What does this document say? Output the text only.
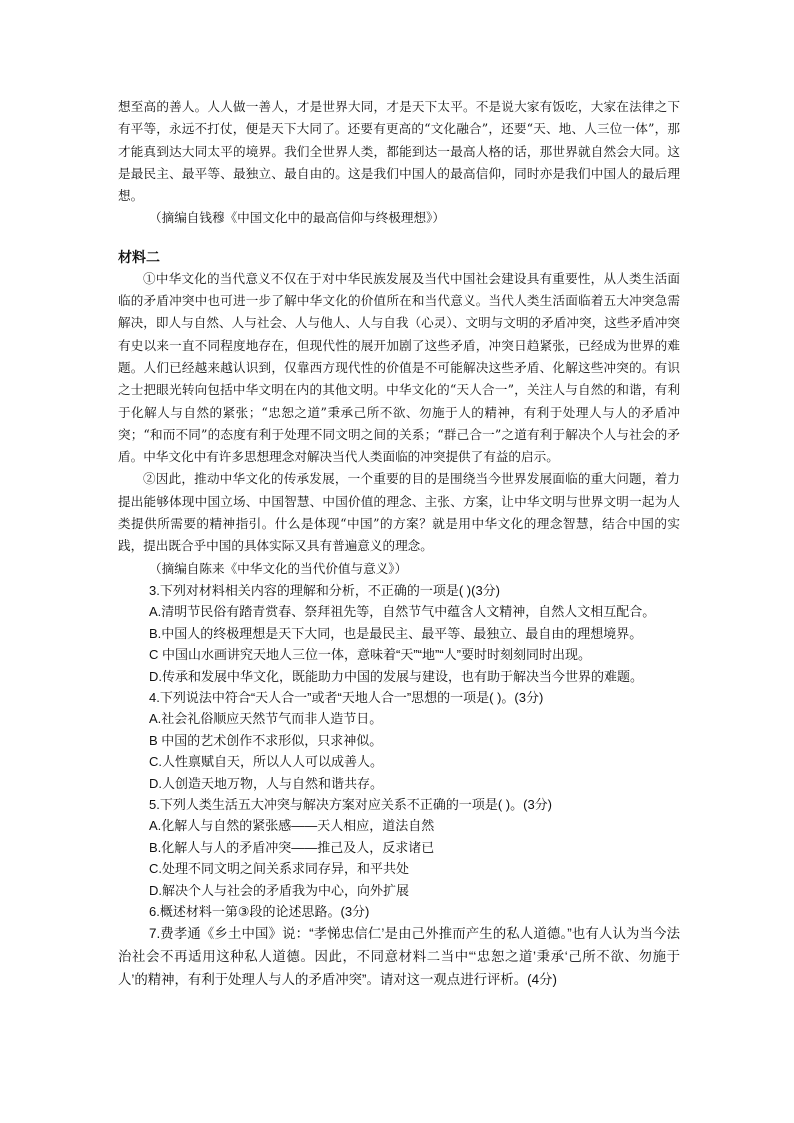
想至高的善人。人人做一善人，才是世界大同，才是天下太平。不是说大家有饭吃，大家在法律之下有平等，永远不打仗，便是天下大同了。还要有更高的“文化融合”，还要“天、地、人三位一体”，那才能真到达大同太平的境界。我们全世界人类，都能到达一最高人格的话，那世界就自然会大同。这是最民主、最平等、最独立、最自由的。这是我们中国人的最高信仰，同时亦是我们中国人的最后理想。

（摘编自钱穆《中国文化中的最高信仰与终极理想》）

材料二

①中华文化的当代意义不仅在于对中华民族发展及当代中国社会建设具有重要性，从人类生活面临的矛盾冲突中也可进一步了解中华文化的价值所在和当代意义。当代人类生活面临着五大冲突急需解决，即人与自然、人与社会、人与他人、人与自我（心灵）、文明与文明的矛盾冲突，这些矛盾冲突有史以来一直不同程度地存在，但现代性的展开加剧了这些矛盾，冲突日趋紧张，已经成为世界的难题。人们已经越来越认识到，仅靠西方现代性的价值是不可能解决这些矛盾、化解这些冲突的。有识之士把眼光转向包括中华文明在内的其他文明。中华文化的“天人合一”，关注人与自然的和谐，有利于化解人与自然的紧张；“忠恕之道”秉承己所不欲、勿施于人的精神，有利于处理人与人的矛盾冲突；“和而不同”的态度有利于处理不同文明之间的关系；“群己合一”之道有利于解决个人与社会的矛盾。中华文化中有许多思想理念对解决当代人类面临的冲突提供了有益的启示。

②因此，推动中华文化的传承发展，一个重要的目的是围绕当今世界发展面临的重大问题，着力提出能够体现中国立场、中国智慧、中国价值的理念、主张、方案，让中华文明与世界文明一起为人类提供所需要的精神指引。什么是体现“中国”的方案？就是用中华文化的理念智慧，结合中国的实践，提出既合乎中国的具体实际又具有普遍意义的理念。

（摘编自陈来《中华文化的当代价值与意义》）

3.下列对材料相关内容的理解和分析，不正确的一项是( )(3分)

A.清明节民俗有踏青赏春、祭拜祖先等，自然节气中蕴含人文精神，自然人文相互配合。

B.中国人的终极理想是天下大同，也是最民主、最平等、最独立、最自由的理想境界。

C 中国山水画讲究天地人三位一体，意味着“天”“地”“人”要时时刻刻同时出现。

D.传承和发展中华文化，既能助力中国的发展与建设，也有助于解决当今世界的难题。

4.下列说法中符合“天人合一”或者“天地人合一”思想的一项是( )。(3分)

A.社会礼俗顺应天然节气而非人造节日。

B 中国的艺术创作不求形似，只求神似。

C.人性禀赋自天，所以人人可以成善人。

D.人创造天地万物，人与自然和谐共存。

5.下列人类生活五大冲突与解决方案对应关系不正确的一项是( )。(3分)

A.化解人与自然的紧张感——天人相应，道法自然

B.化解人与人的矛盾冲突——推己及人，反求诸已

C.处理不同文明之间关系求同存异，和平共处

D.解决个人与社会的矛盾我为中心，向外扩展

6.概述材料一第③段的论述思路。(3分)

7.费孝通《乡土中国》说：“孝悌忠信仁’是由己外推而产生的私人道德。”也有人认为当今法治社会不再适用这种私人道德。因此，不同意材料二当中“‘忠恕之道’秉承‘己所不欲、勿施于人’的精神，有利于处理人与人的矛盾冲突”。请对这一观点进行评析。(4分)
